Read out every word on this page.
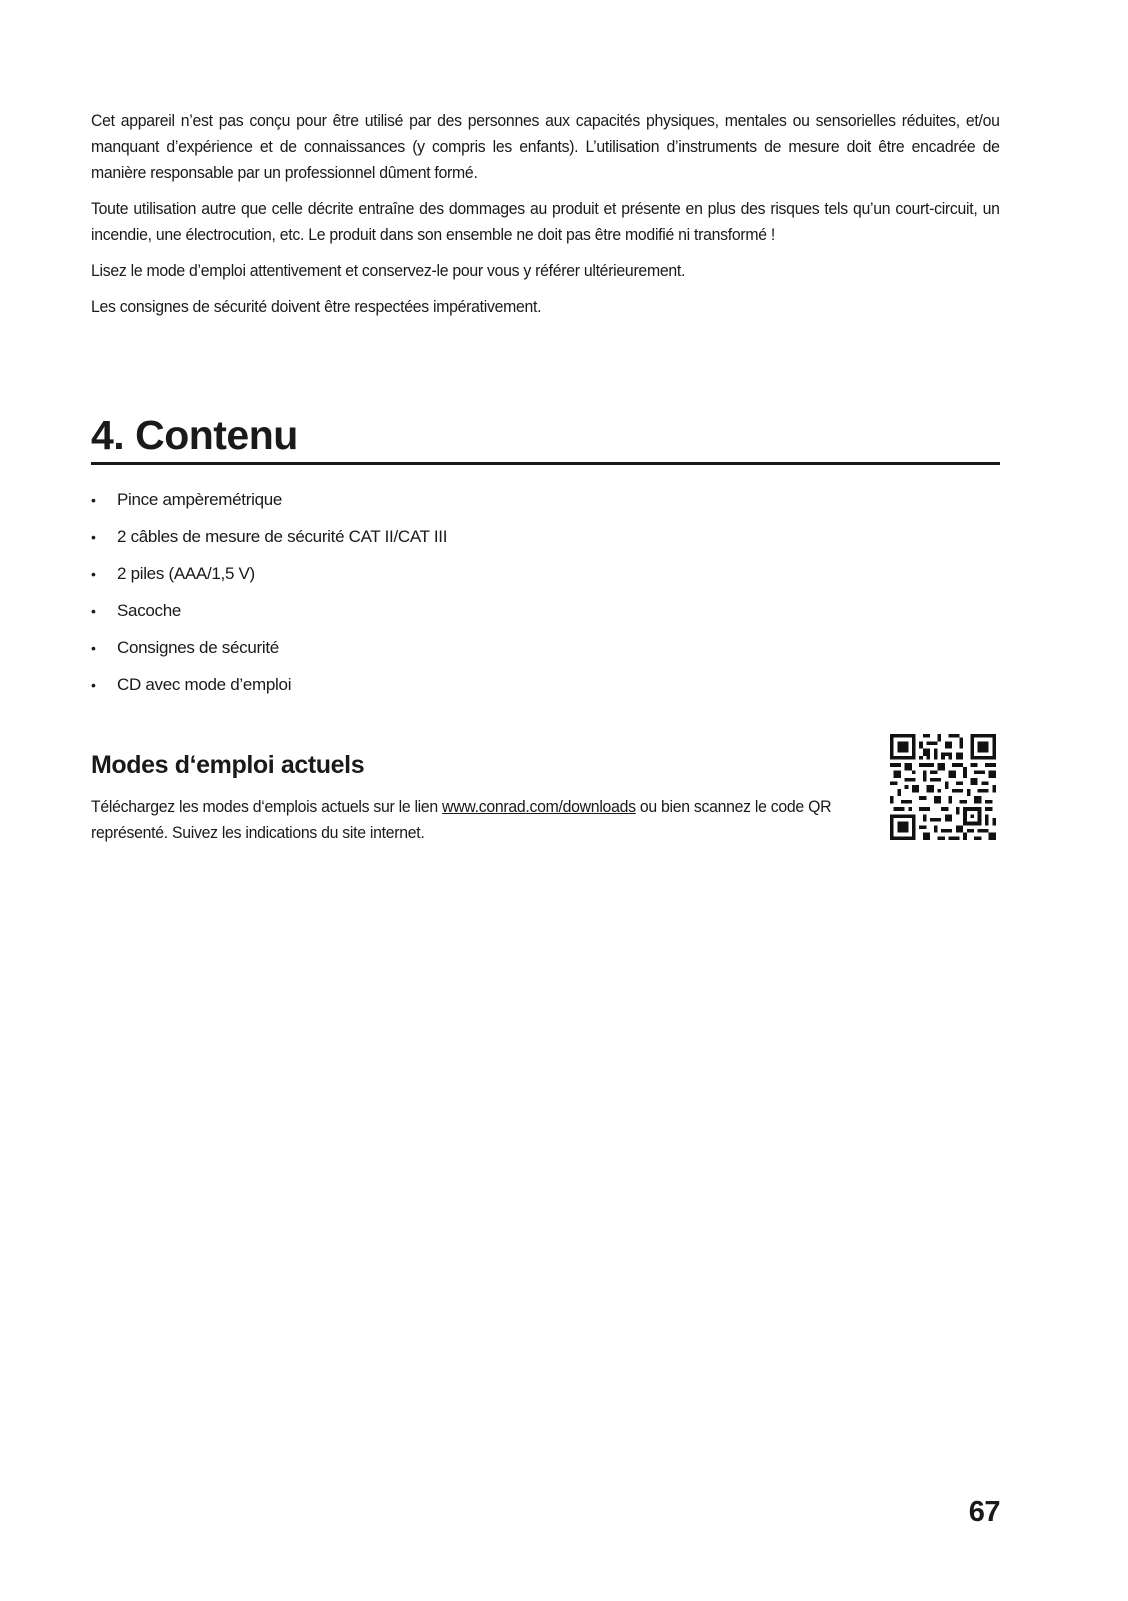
Cet appareil n’est pas conçu pour être utilisé par des personnes aux capacités physiques, mentales ou sensorielles réduites, et/ou manquant d’expérience et de connaissances (y compris les enfants). L’utilisation d’instruments de mesure doit être encadrée de manière responsable par un professionnel dûment formé.

Toute utilisation autre que celle décrite entraîne des dommages au produit et présente en plus des risques tels qu’un court-circuit, un incendie, une électrocution, etc. Le produit dans son ensemble ne doit pas être modifié ni transformé !

Lisez le mode d’emploi attentivement et conservez-le pour vous y référer ultérieurement.

Les consignes de sécurité doivent être respectées impérativement.

4. Contenu
• Pince ampèremétrique
• 2 câbles de mesure de sécurité CAT II/CAT III
• 2 piles (AAA/1,5 V)
• Sacoche
• Consignes de sécurité
• CD avec mode d’emploi
Modes d‘emploi actuels

Téléchargez les modes d‘emplois actuels sur le lien www.conrad.com/downloads ou bien scannez le code QR représenté. Suivez les indications du site internet.

67
